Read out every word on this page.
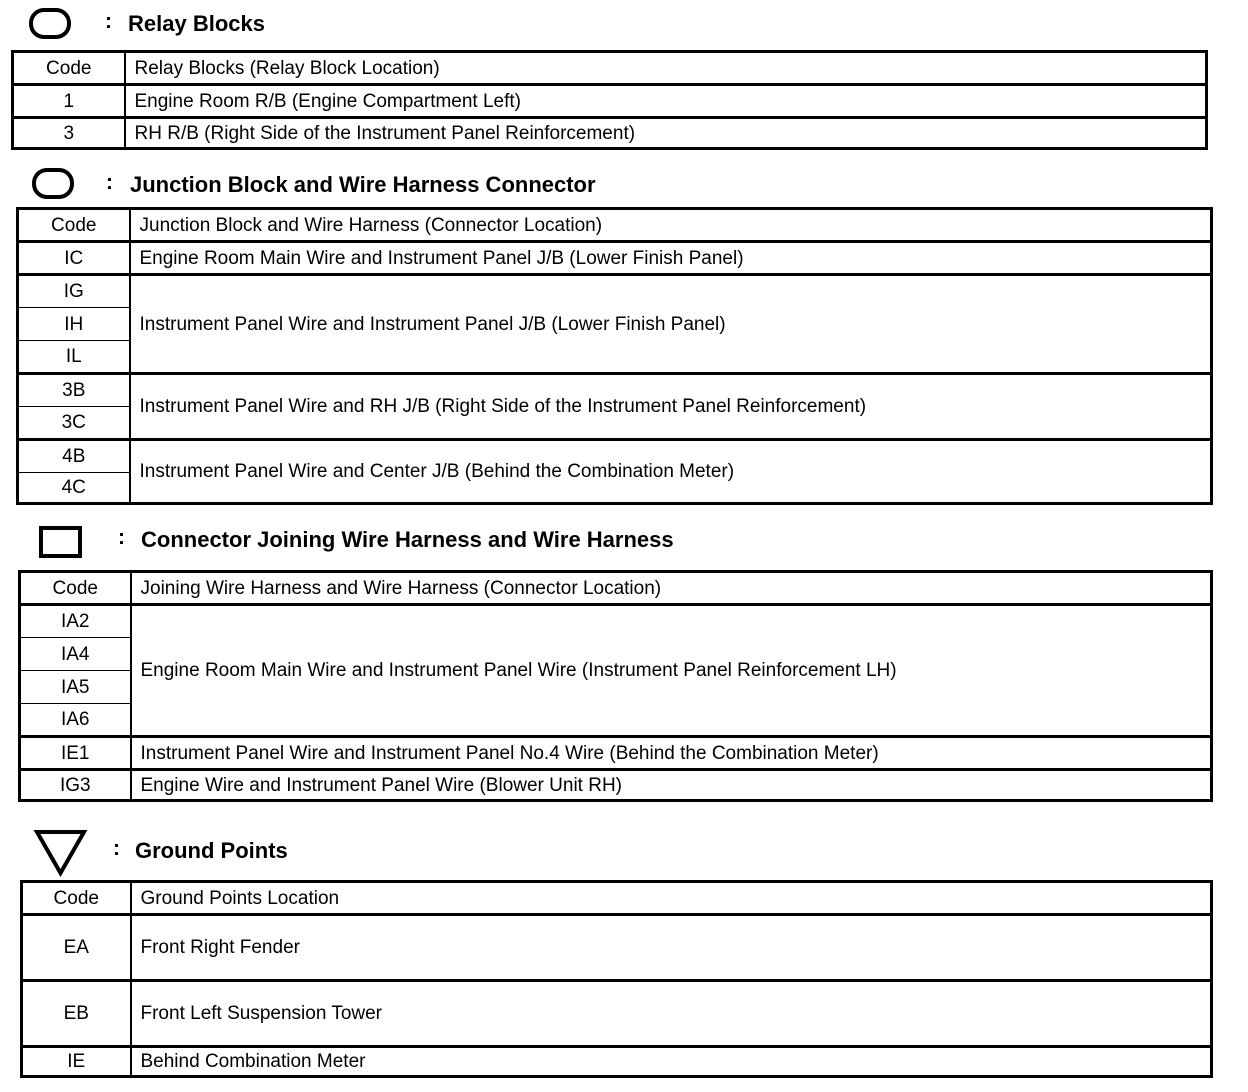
: Relay Blocks
Code	Relay Blocks (Relay Block Location)
1	Engine Room R/B (Engine Compartment Left)
3	RH R/B (Right Side of the Instrument Panel Reinforcement)
: Junction Block and Wire Harness Connector
Code	Junction Block and Wire Harness (Connector Location)
IC	Engine Room Main Wire and Instrument Panel J/B (Lower Finish Panel)
IG	Instrument Panel Wire and Instrument Panel J/B (Lower Finish Panel)
IH	
IL	
3B	Instrument Panel Wire and RH J/B (Right Side of the Instrument Panel Reinforcement)
3C	
4B	Instrument Panel Wire and Center J/B (Behind the Combination Meter)
4C	
: Connector Joining Wire Harness and Wire Harness
Code	Joining Wire Harness and Wire Harness (Connector Location)
IA2	Engine Room Main Wire and Instrument Panel Wire (Instrument Panel Reinforcement LH)
IA4	
IA5	
IA6	
IE1	Instrument Panel Wire and Instrument Panel No.4 Wire (Behind the Combination Meter)
IG3	Engine Wire and Instrument Panel Wire (Blower Unit RH)
: Ground Points
Code	Ground Points Location
EA	Front Right Fender
EB	Front Left Suspension Tower
IE	Behind Combination Meter
